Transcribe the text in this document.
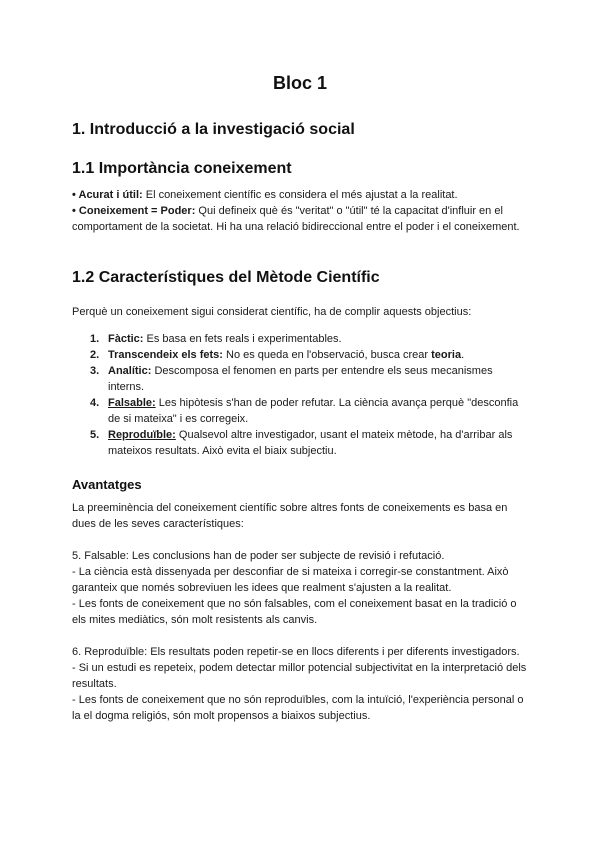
Bloc 1
1. Introducció a la investigació social
1.1 Importància coneixement

• Acurat i útil: El coneixement científic es considera el més ajustat a la realitat.

• Coneixement = Poder: Qui defineix què és "veritat" o "útil" té la capacitat d'influir en el comportament de la societat. Hi ha una relació bidireccional entre el poder i el coneixement.

1.2 Característiques del Mètode Científic

Perquè un coneixement sigui considerat científic, ha de complir aquests objectius:

1. Fàctic: Es basa en fets reals i experimentables.
2. Transcendeix els fets: No es queda en l'observació, busca crear teoria.
3. Analític: Descomposa el fenomen en parts per entendre els seus mecanismes interns.
4. Falsable: Les hipòtesis s'han de poder refutar. La ciència avança perquè "desconfia de si mateixa" i es corregeix.
5. Reproduïble: Qualsevol altre investigador, usant el mateix mètode, ha d'arribar als mateixos resultats. Això evita el biaix subjectiu.
Avantatges

La preeminència del coneixement científic sobre altres fonts de coneixements es basa en dues de les seves característiques:

5. Falsable: Les conclusions han de poder ser subjecte de revisió i refutació.

- La ciència està dissenyada per desconfiar de si mateixa i corregir-se constantment. Això garanteix que només sobreviuen les idees que realment s'ajusten a la realitat.

- Les fonts de coneixement que no són falsables, com el coneixement basat en la tradició o els mites mediàtics, són molt resistents als canvis.

6. Reproduïble: Els resultats poden repetir-se en llocs diferents i per diferents investigadors.

- Si un estudi es repeteix, podem detectar millor potencial subjectivitat en la interpretació dels resultats.

- Les fonts de coneixement que no són reproduïbles, com la intuïció, l'experiència personal o la el dogma religiós, són molt propensos a biaixos subjectius.
